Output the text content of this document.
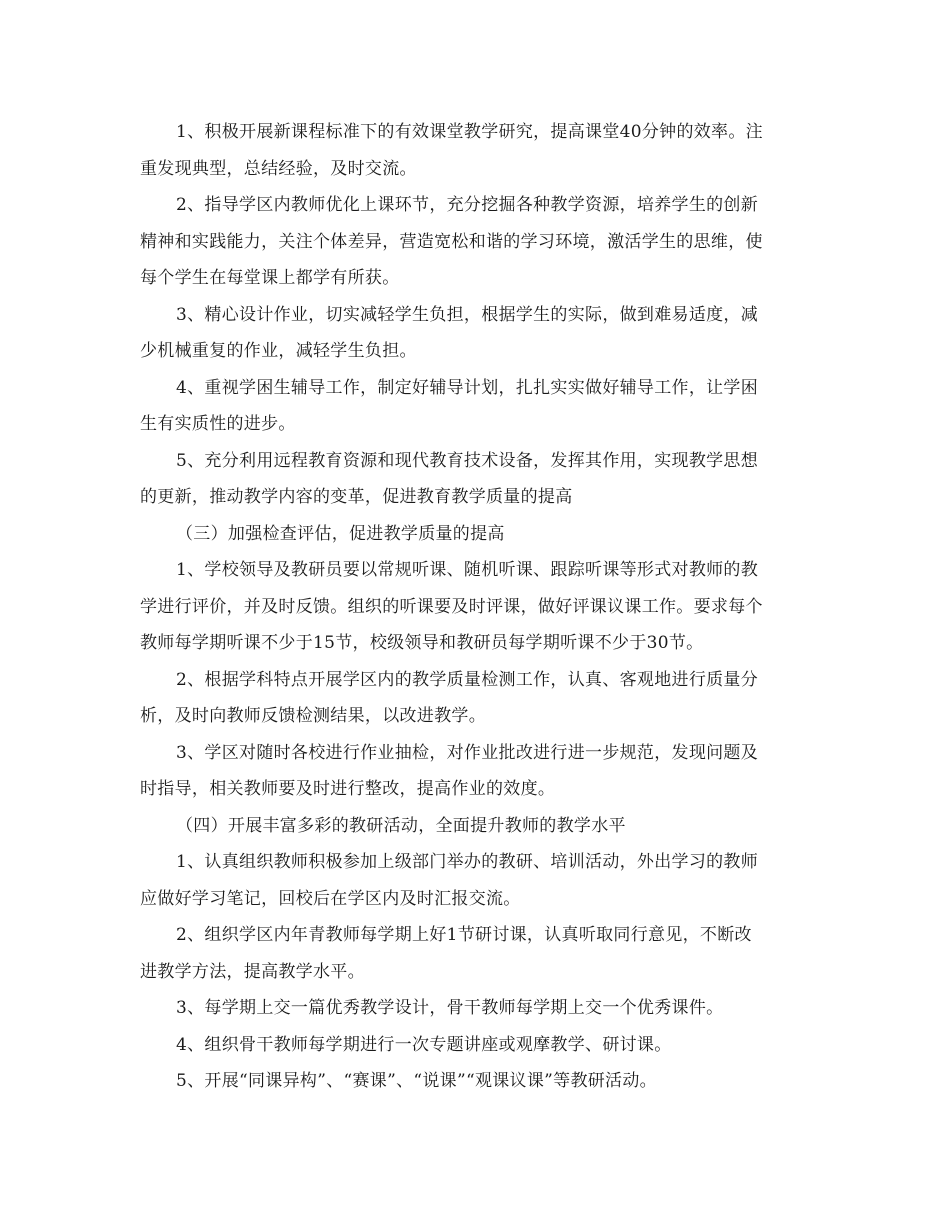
1、积极开展新课程标准下的有效课堂教学研究，提高课堂40分钟的效率。注
重发现典型，总结经验，及时交流。

2、指导学区内教师优化上课环节，充分挖掘各种教学资源，培养学生的创新
精神和实践能力，关注个体差异，营造宽松和谐的学习环境，激活学生的思维，使
每个学生在每堂课上都学有所获。

3、精心设计作业，切实减轻学生负担，根据学生的实际，做到难易适度，减
少机械重复的作业，减轻学生负担。

4、重视学困生辅导工作，制定好辅导计划，扎扎实实做好辅导工作，让学困
生有实质性的进步。

5、充分利用远程教育资源和现代教育技术设备，发挥其作用，实现教学思想
的更新，推动教学内容的变革，促进教育教学质量的提高

（三）加强检查评估，促进教学质量的提高

1、学校领导及教研员要以常规听课、随机听课、跟踪听课等形式对教师的教
学进行评价，并及时反馈。组织的听课要及时评课，做好评课议课工作。要求每个
教师每学期听课不少于15节，校级领导和教研员每学期听课不少于30节。

2、根据学科特点开展学区内的教学质量检测工作，认真、客观地进行质量分
析，及时向教师反馈检测结果，以改进教学。

3、学区对随时各校进行作业抽检，对作业批改进行进一步规范，发现问题及
时指导，相关教师要及时进行整改，提高作业的效度。

（四）开展丰富多彩的教研活动，全面提升教师的教学水平

1、认真组织教师积极参加上级部门举办的教研、培训活动，外出学习的教师
应做好学习笔记，回校后在学区内及时汇报交流。

2、组织学区内年青教师每学期上好1节研讨课，认真听取同行意见，不断改
进教学方法，提高教学水平。

3、每学期上交一篇优秀教学设计，骨干教师每学期上交一个优秀课件。

4、组织骨干教师每学期进行一次专题讲座或观摩教学、研讨课。

5、开展“同课异构”、“赛课”、“说课”“观课议课”等教研活动。
